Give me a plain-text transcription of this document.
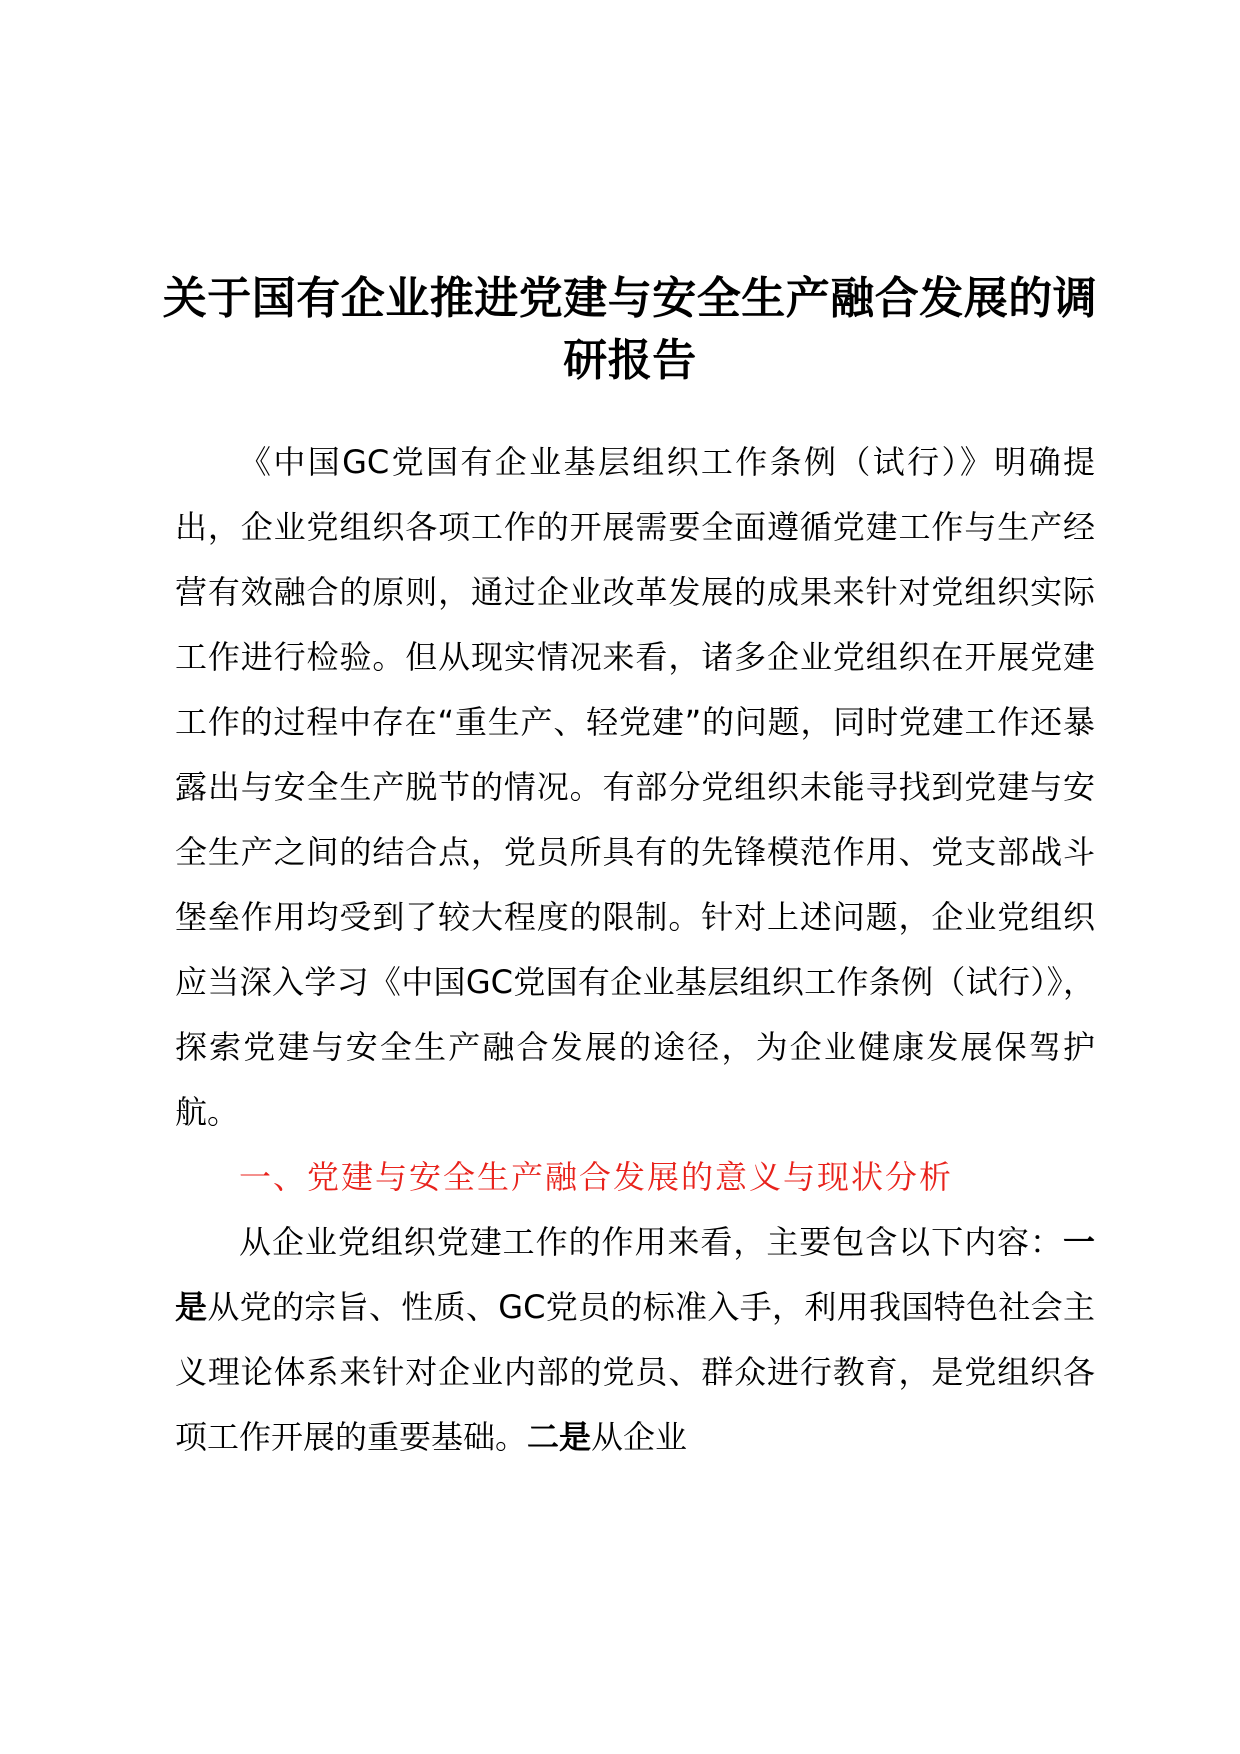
关于国有企业推进党建与安全生产融合发展的调研报告

《中国GC党国有企业基层组织工作条例（试行）》明确提出，企业党组织各项工作的开展需要全面遵循党建工作与生产经营有效融合的原则，通过企业改革发展的成果来针对党组织实际工作进行检验。但从现实情况来看，诸多企业党组织在开展党建工作的过程中存在“重生产、轻党建”的问题，同时党建工作还暴露出与安全生产脱节的情况。有部分党组织未能寻找到党建与安全生产之间的结合点，党员所具有的先锋模范作用、党支部战斗堡垒作用均受到了较大程度的限制。针对上述问题，企业党组织应当深入学习《中国GC党国有企业基层组织工作条例（试行）》，探索党建与安全生产融合发展的途径，为企业健康发展保驾护航。

一、党建与安全生产融合发展的意义与现状分析

从企业党组织党建工作的作用来看，主要包含以下内容：一是从党的宗旨、性质、GC党员的标准入手，利用我国特色社会主义理论体系来针对企业内部的党员、群众进行教育，是党组织各项工作开展的重要基础。二是从企业
